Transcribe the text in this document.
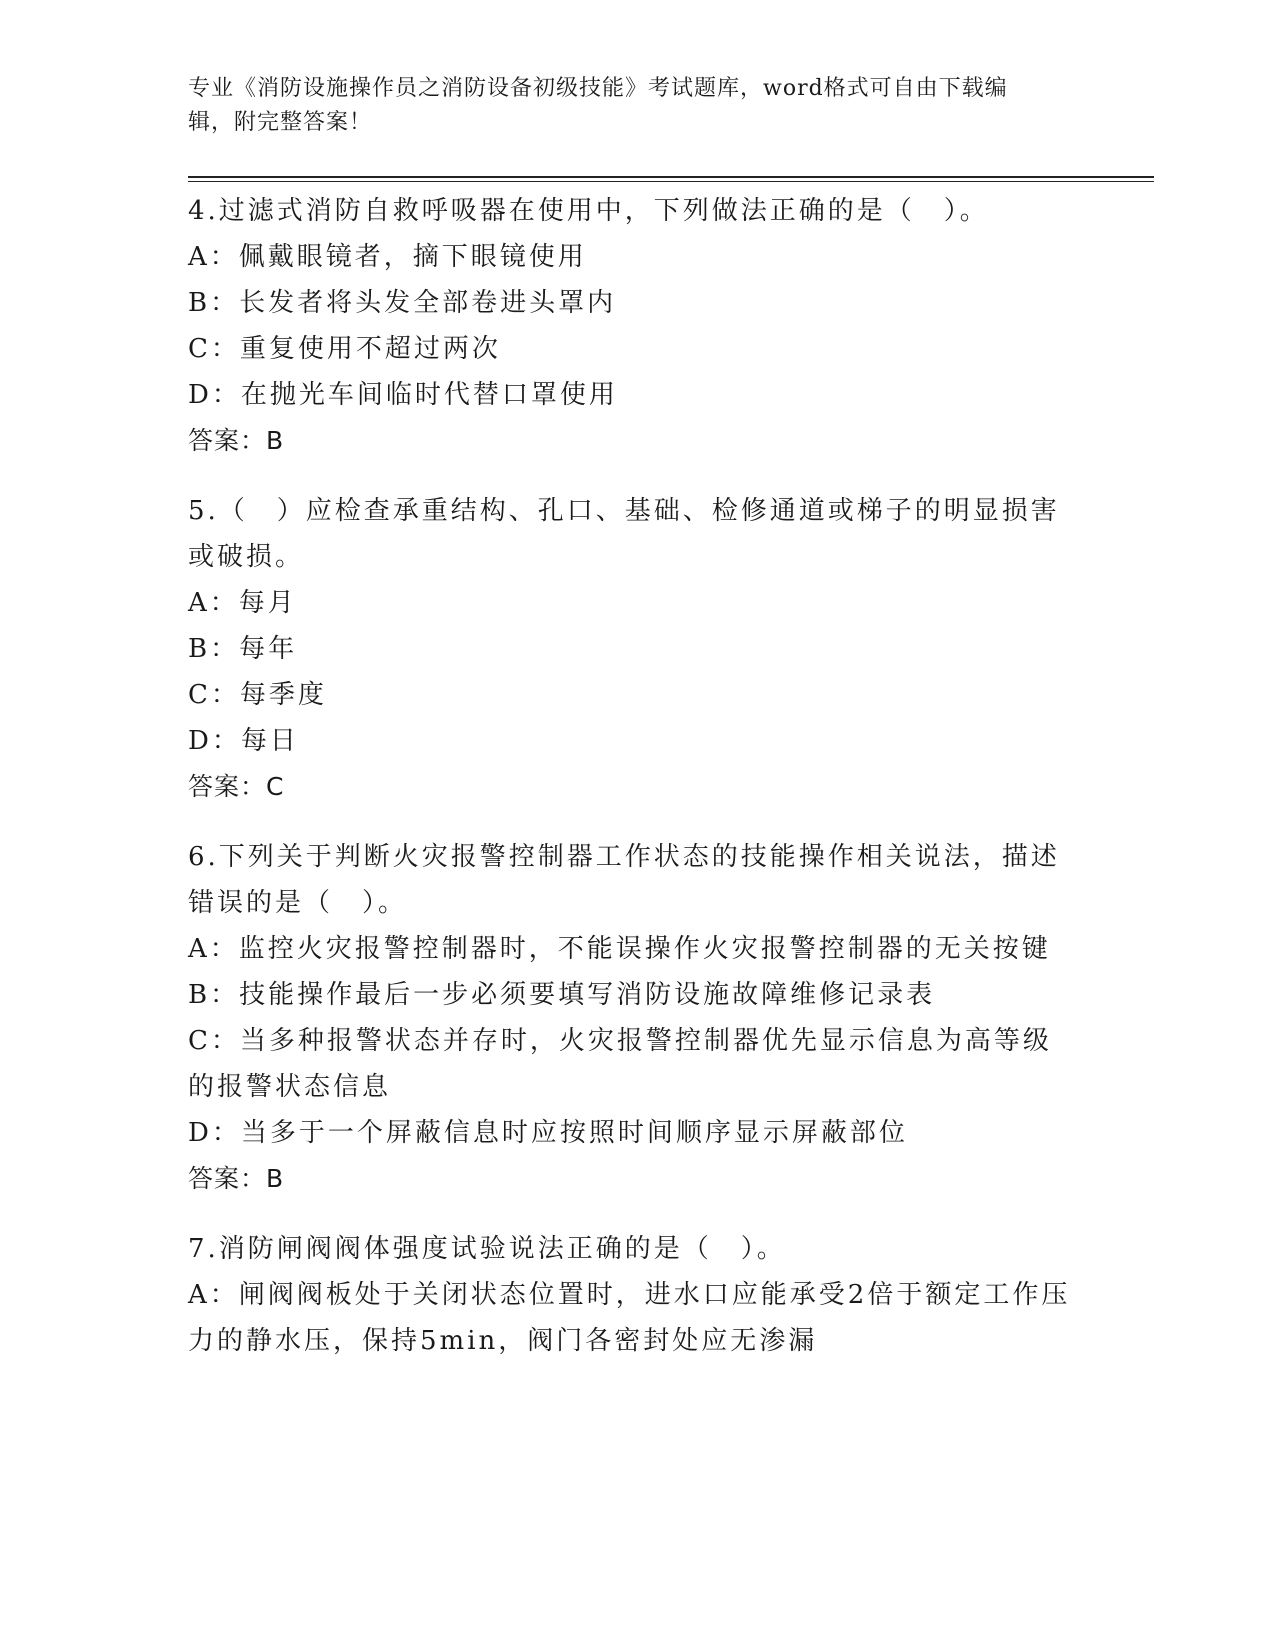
专业《消防设施操作员之消防设备初级技能》考试题库，word格式可自由下载编
辑，附完整答案！
4.过滤式消防自救呼吸器在使用中，下列做法正确的是（　）。
A：佩戴眼镜者，摘下眼镜使用
B：长发者将头发全部卷进头罩内
C：重复使用不超过两次
D：在抛光车间临时代替口罩使用
答案：B
5.（　）应检查承重结构、孔口、基础、检修通道或梯子的明显损害或破损。
A：每月
B：每年
C：每季度
D：每日
答案：C
6.下列关于判断火灾报警控制器工作状态的技能操作相关说法，描述错误的是（　）。
A：监控火灾报警控制器时，不能误操作火灾报警控制器的无关按键
B：技能操作最后一步必须要填写消防设施故障维修记录表
C：当多种报警状态并存时，火灾报警控制器优先显示信息为高等级的报警状态信息
D：当多于一个屏蔽信息时应按照时间顺序显示屏蔽部位
答案：B
7.消防闸阀阀体强度试验说法正确的是（　）。
A：闸阀阀板处于关闭状态位置时，进水口应能承受2倍于额定工作压力的静水压，保持5min，阀门各密封处应无渗漏
